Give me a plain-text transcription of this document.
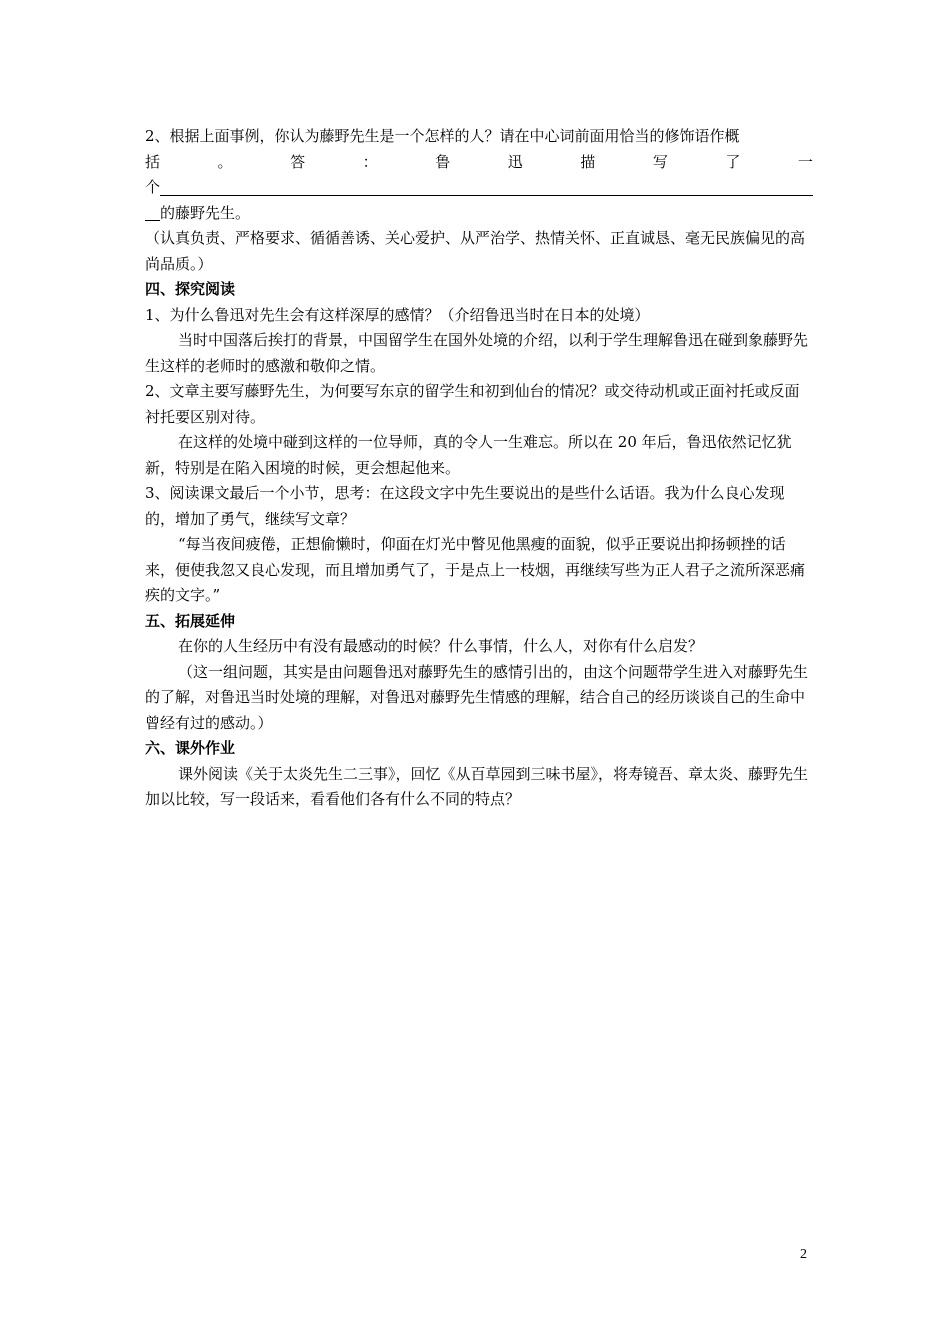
2、根据上面事例，你认为藤野先生是一个怎样的人？请在中心词前面用恰当的修饰语作概

括	。	答	：	鲁	迅	描	写	了	一
个

的藤野先生。

（认真负责、严格要求、循循善诱、关心爱护、从严治学、热情关怀、正直诚恳、毫无民族偏见的高尚品质。）

四、探究阅读

1、为什么鲁迅对先生会有这样深厚的感情？（介绍鲁迅当时在日本的处境）

当时中国落后挨打的背景，中国留学生在国外处境的介绍，以利于学生理解鲁迅在碰到象藤野先生这样的老师时的感激和敬仰之情。

2、文章主要写藤野先生，为何要写东京的留学生和初到仙台的情况？或交待动机或正面衬托或反面衬托要区别对待。

在这样的处境中碰到这样的一位导师，真的令人一生难忘。所以在 20 年后，鲁迅依然记忆犹新，特别是在陷入困境的时候，更会想起他来。

3、阅读课文最后一个小节，思考：在这段文字中先生要说出的是些什么话语。我为什么良心发现的，增加了勇气，继续写文章？

“每当夜间疲倦，正想偷懒时，仰面在灯光中瞥见他黑瘦的面貌，似乎正要说出抑扬顿挫的话来，便使我忽又良心发现，而且增加勇气了，于是点上一枝烟，再继续写些为正人君子之流所深恶痛疾的文字。”

五、拓展延伸

在你的人生经历中有没有最感动的时候？什么事情，什么人，对你有什么启发？

（这一组问题，其实是由问题鲁迅对藤野先生的感情引出的，由这个问题带学生进入对藤野先生的了解，对鲁迅当时处境的理解，对鲁迅对藤野先生情感的理解，结合自己的经历谈谈自己的生命中曾经有过的感动。）

六、课外作业

课外阅读《关于太炎先生二三事》，回忆《从百草园到三味书屋》，将寿镜吾、章太炎、藤野先生加以比较，写一段话来，看看他们各有什么不同的特点？

2
